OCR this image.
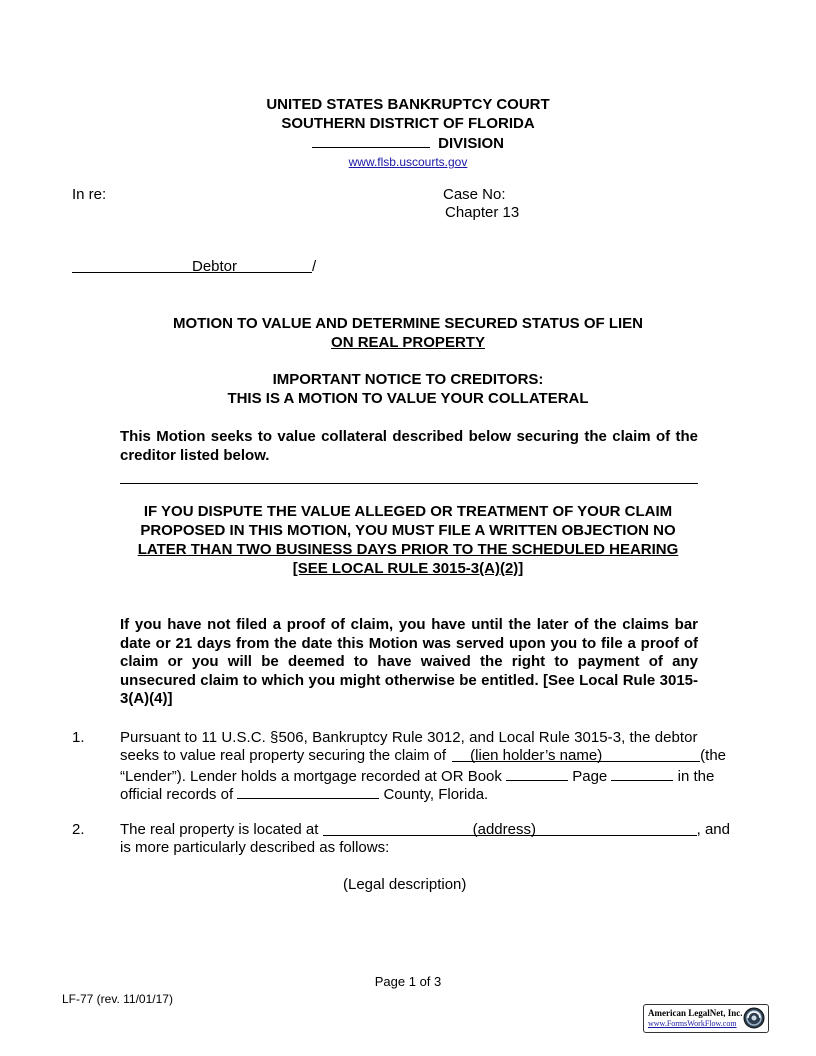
UNITED STATES BANKRUPTCY COURT
SOUTHERN DISTRICT OF FLORIDA
DIVISION
www.flsb.uscourts.gov
In re:	Case No:
Chapter 13
Debtor	/
MOTION TO VALUE AND DETERMINE SECURED STATUS OF LIEN
ON REAL PROPERTY
IMPORTANT NOTICE TO CREDITORS:
THIS IS A MOTION TO VALUE YOUR COLLATERAL
This Motion seeks to value collateral described below securing the claim of the creditor listed below.
IF YOU DISPUTE THE VALUE ALLEGED OR TREATMENT OF YOUR CLAIM
PROPOSED IN THIS MOTION, YOU MUST FILE A WRITTEN OBJECTION NO
LATER THAN TWO BUSINESS DAYS PRIOR TO THE SCHEDULED HEARING
[SEE LOCAL RULE 3015-3(A)(2)]
If you have not filed a proof of claim, you have until the later of the claims bar date or 21 days from the date this Motion was served upon you to file a proof of claim or you will be deemed to have waived the right to payment of any unsecured claim to which you might otherwise be entitled. [See Local Rule 3015-3(A)(4)]
1. Pursuant to 11 U.S.C. §506, Bankruptcy Rule 3012, and Local Rule 3015-3, the debtor
seeks to value real property securing the claim of (lien holder’s name)	(the
“Lender”). Lender holds a mortgage recorded at OR Book	Page	in the
official records of	County, Florida.
2. The real property is located at	(address)	, and
is more particularly described as follows:
(Legal description)
Page 1 of 3
LF-77 (rev. 11/01/17)
American LegalNet, Inc.
www.FormsWorkFlow.com
